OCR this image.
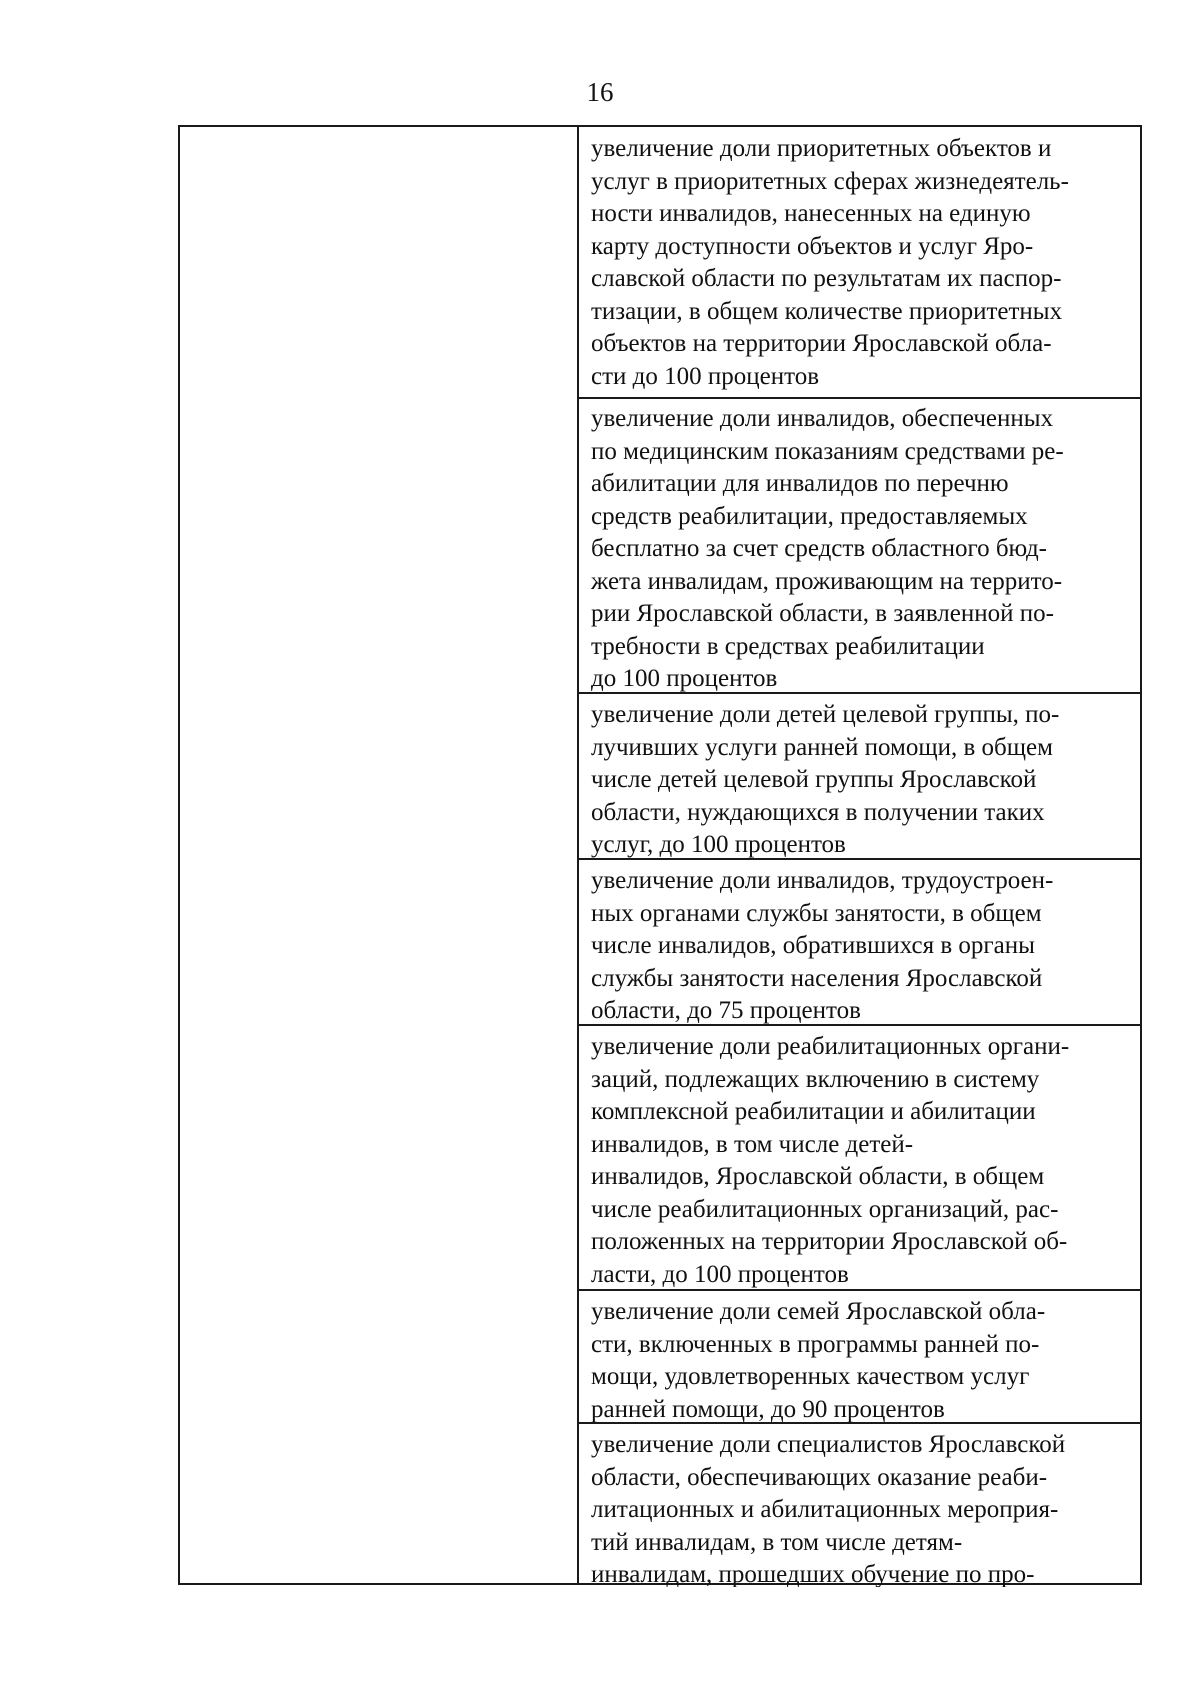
16
увеличение доли приоритетных объектов и
услуг в приоритетных сферах жизнедеятель-
ности инвалидов, нанесенных на единую
карту доступности объектов и услуг Яро-
славской области по результатам их паспор-
тизации, в общем количестве приоритетных
объектов на территории Ярославской обла-
сти до 100 процентов
увеличение доли инвалидов, обеспеченных
по медицинским показаниям средствами ре-
абилитации для инвалидов по перечню
средств реабилитации, предоставляемых
бесплатно за счет средств областного бюд-
жета инвалидам, проживающим на террито-
рии Ярославской области, в заявленной по-
требности в средствах реабилитации
до 100 процентов
увеличение доли детей целевой группы, по-
лучивших услуги ранней помощи, в общем
числе детей целевой группы Ярославской
области, нуждающихся в получении таких
услуг, до 100 процентов
увеличение доли инвалидов, трудоустроен-
ных органами службы занятости, в общем
числе инвалидов, обратившихся в органы
службы занятости населения Ярославской
области, до 75 процентов
увеличение доли реабилитационных органи-
заций, подлежащих включению в систему
комплексной реабилитации и абилитации
инвалидов, в том числе детей-
инвалидов, Ярославской области, в общем
числе реабилитационных организаций, рас-
положенных на территории Ярославской об-
ласти, до 100 процентов
увеличение доли семей Ярославской обла-
сти, включенных в программы ранней по-
мощи, удовлетворенных качеством услуг
ранней помощи, до 90 процентов
увеличение доли специалистов Ярославской
области, обеспечивающих оказание реаби-
литационных и абилитационных мероприя-
тий инвалидам, в том числе детям-
инвалидам, прошедших обучение по про-
